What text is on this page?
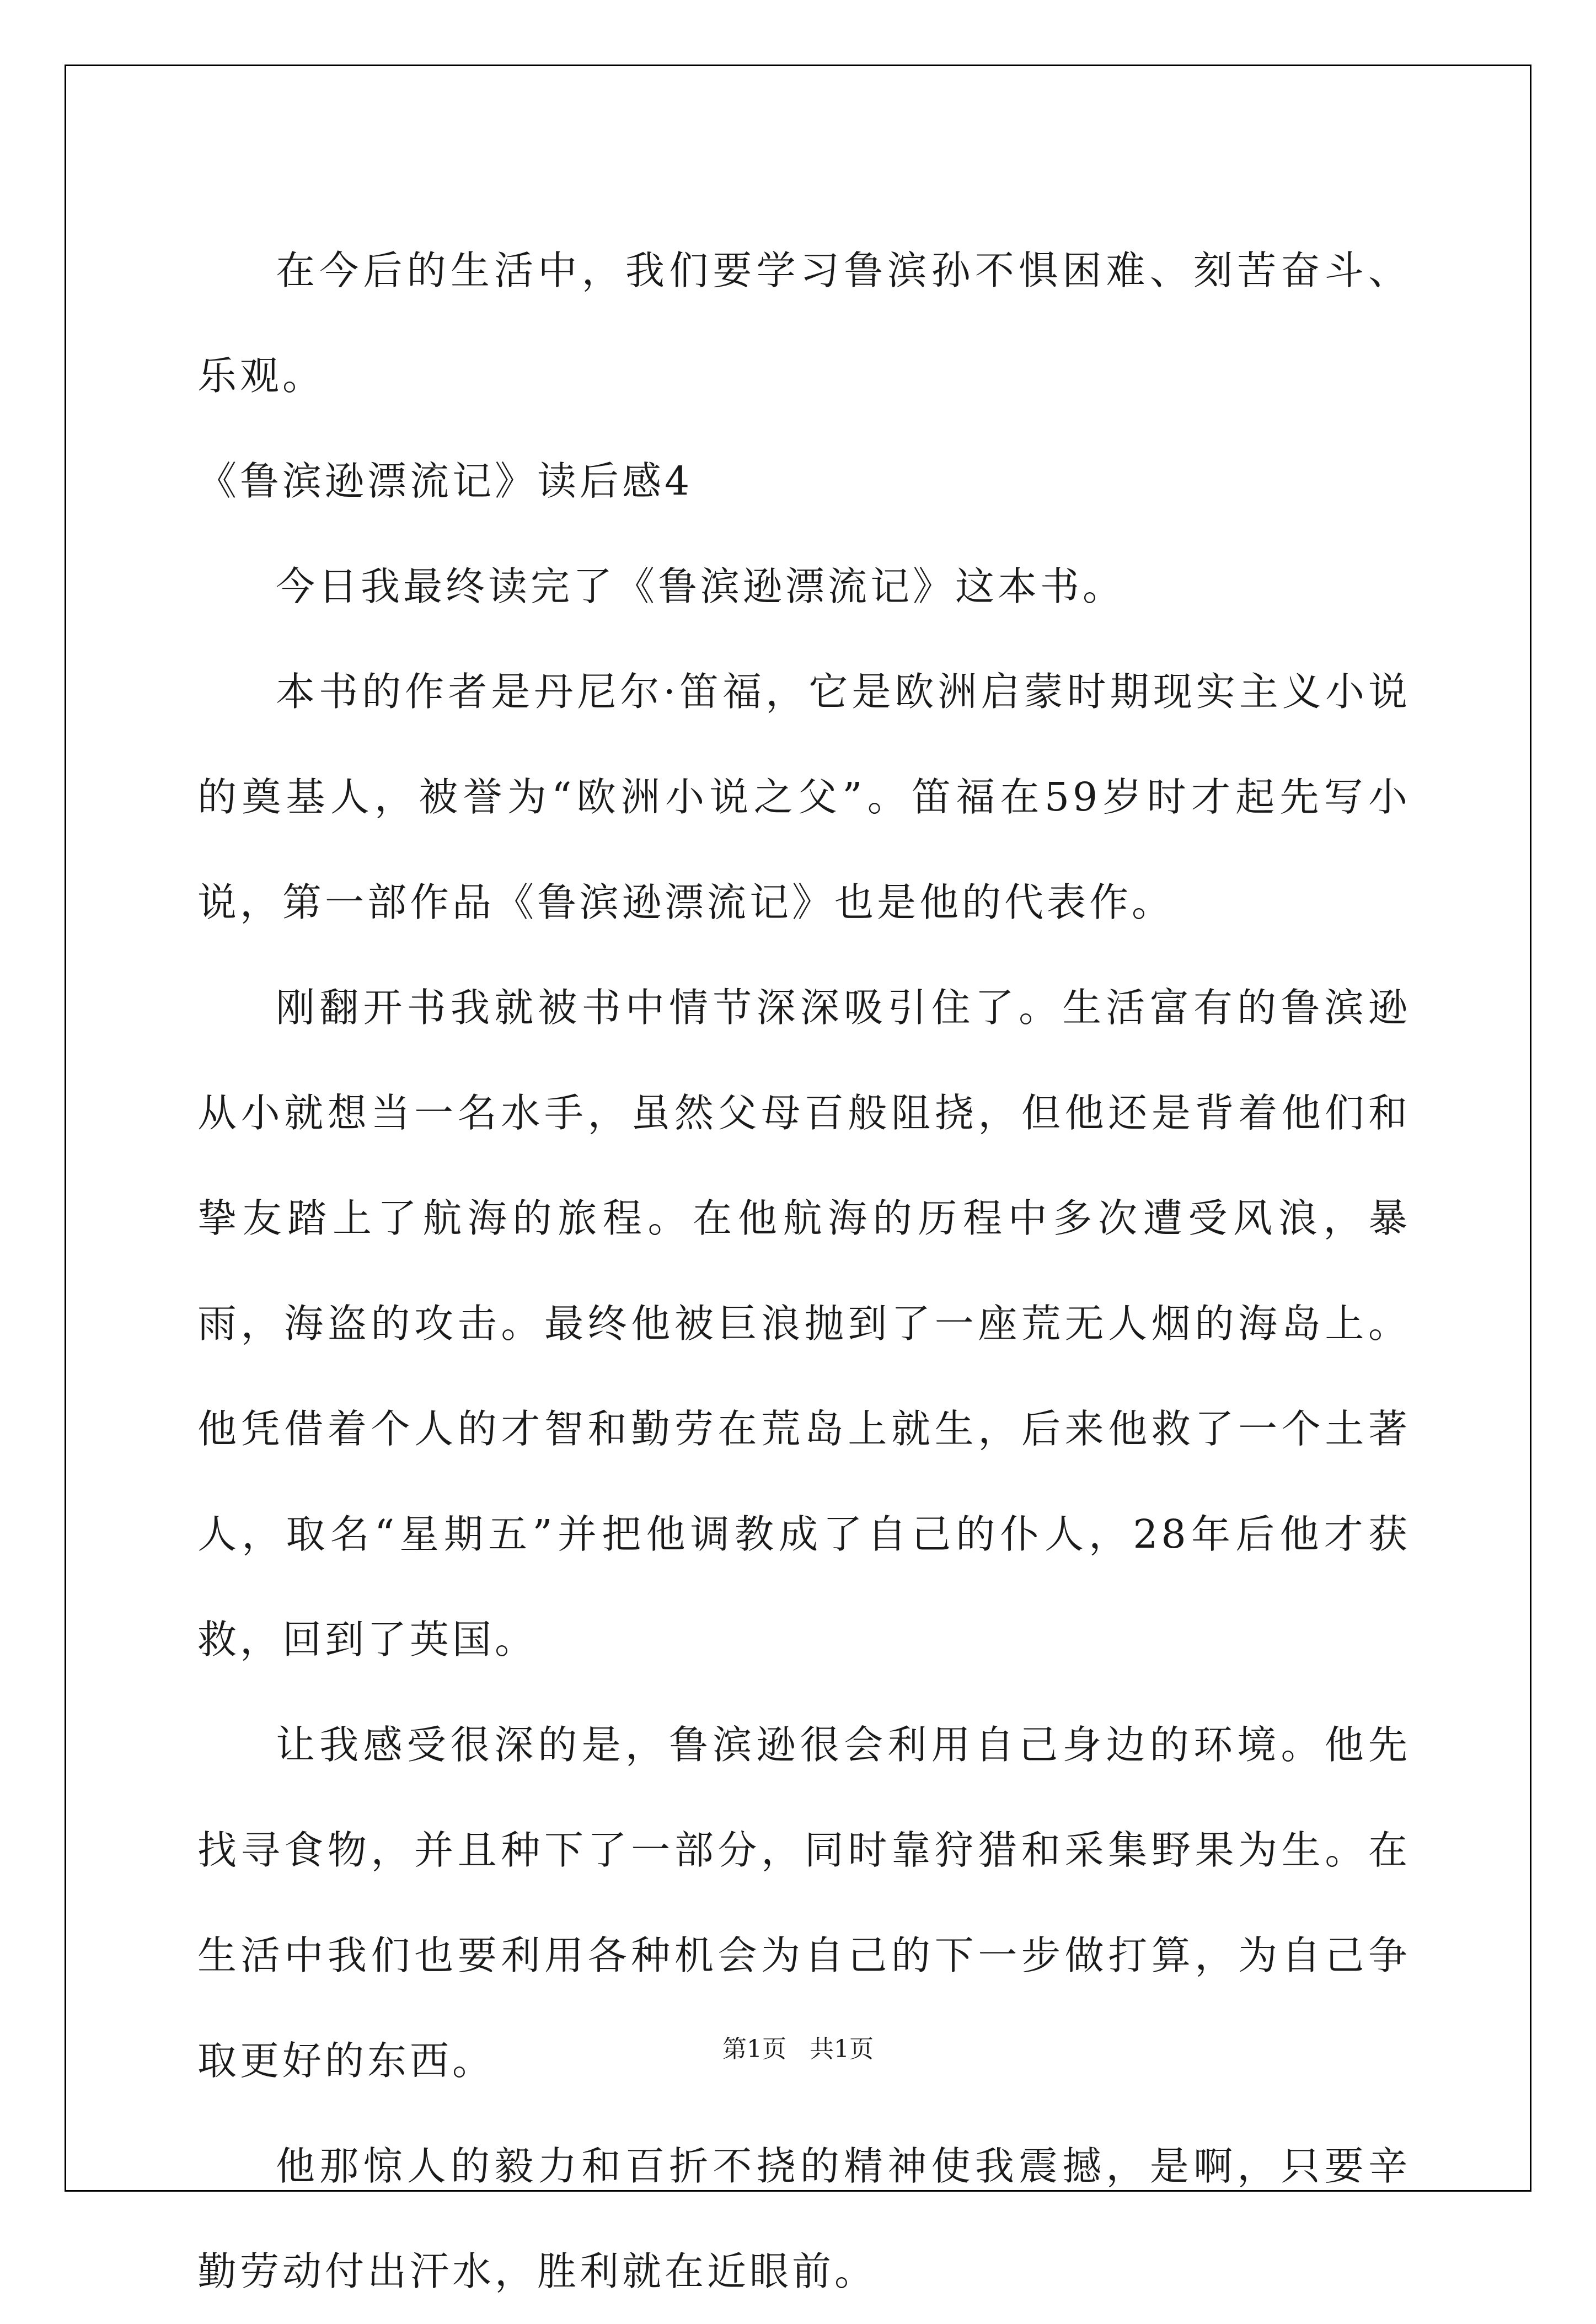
在今后的生活中，我们要学习鲁滨孙不惧困难、刻苦奋斗、乐观。

《鲁滨逊漂流记》读后感4

今日我最终读完了《鲁滨逊漂流记》这本书。

本书的作者是丹尼尔·笛福，它是欧洲启蒙时期现实主义小说的奠基人，被誉为“欧洲小说之父”。笛福在59岁时才起先写小说，第一部作品《鲁滨逊漂流记》也是他的代表作。

刚翻开书我就被书中情节深深吸引住了。生活富有的鲁滨逊从小就想当一名水手，虽然父母百般阻挠，但他还是背着他们和挚友踏上了航海的旅程。在他航海的历程中多次遭受风浪，暴雨，海盗的攻击。最终他被巨浪抛到了一座荒无人烟的海岛上。他凭借着个人的才智和勤劳在荒岛上就生，后来他救了一个土著人，取名“星期五”并把他调教成了自己的仆人，28年后他才获救，回到了英国。

让我感受很深的是，鲁滨逊很会利用自己身边的环境。他先找寻食物，并且种下了一部分，同时靠狩猎和采集野果为生。在生活中我们也要利用各种机会为自己的下一步做打算，为自己争取更好的东西。

他那惊人的毅力和百折不挠的精神使我震撼，是啊，只要辛勤劳动付出汗水，胜利就在近眼前。

第1页   共1页
